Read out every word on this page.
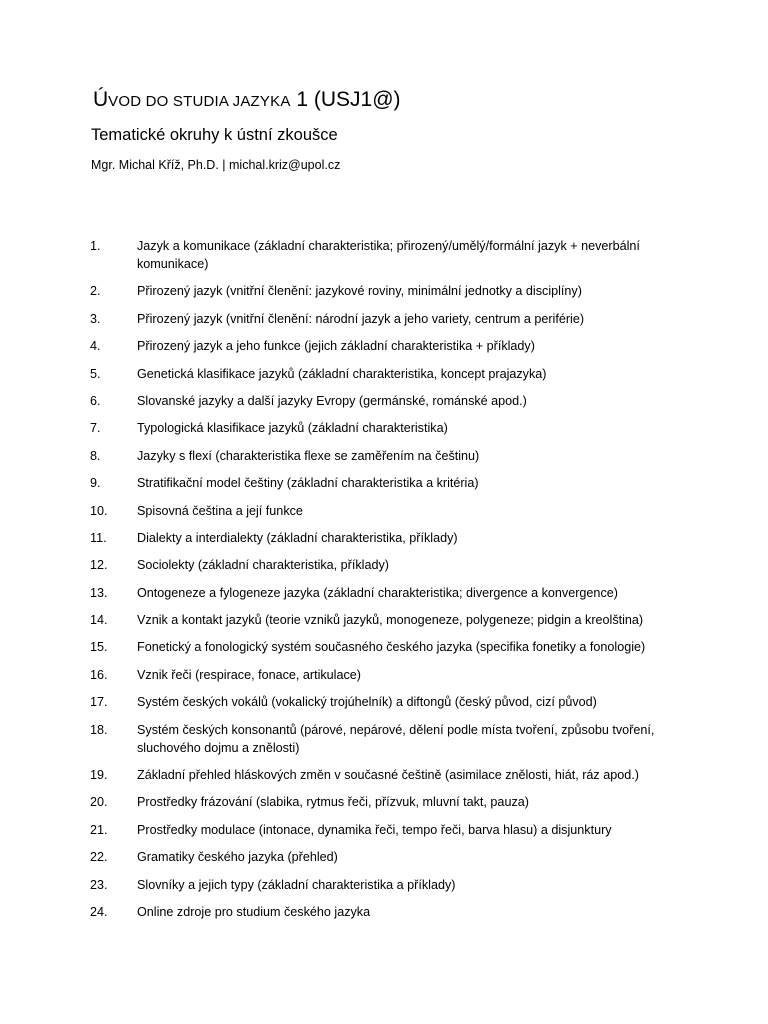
ÚVOD DO STUDIA JAZYKA 1 (USJ1@)
Tematické okruhy k ústní zkoušce
Mgr. Michal Kříž, Ph.D. | michal.kriz@upol.cz
1.	Jazyk a komunikace (základní charakteristika; přirozený/umělý/formální jazyk + neverbální komunikace)
2.	Přirozený jazyk (vnitřní členění: jazykové roviny, minimální jednotky a disciplíny)
3.	Přirozený jazyk (vnitřní členění: národní jazyk a jeho variety, centrum a periférie)
4.	Přirozený jazyk a jeho funkce (jejich základní charakteristika + příklady)
5.	Genetická klasifikace jazyků (základní charakteristika, koncept prajazyka)
6.	Slovanské jazyky a další jazyky Evropy (germánské, románské apod.)
7.	Typologická klasifikace jazyků (základní charakteristika)
8.	Jazyky s flexí (charakteristika flexe se zaměřením na češtinu)
9.	Stratifikační model češtiny (základní charakteristika a kritéria)
10.	Spisovná čeština a její funkce
11.	Dialekty a interdialekty (základní charakteristika, příklady)
12.	Sociolekty (základní charakteristika, příklady)
13.	Ontogeneze a fylogeneze jazyka (základní charakteristika; divergence a konvergence)
14.	Vznik a kontakt jazyků (teorie vzniků jazyků, monogeneze, polygeneze; pidgin a kreolština)
15.	Fonetický a fonologický systém současného českého jazyka (specifika fonetiky a fonologie)
16.	Vznik řeči (respirace, fonace, artikulace)
17.	Systém českých vokálů (vokalický trojúhelník) a diftongů (český původ, cizí původ)
18.	Systém českých konsonantů (párové, nepárové, dělení podle místa tvoření, způsobu tvoření, sluchového dojmu a znělosti)
19.	Základní přehled hláskových změn v současné češtině (asimilace znělosti, hiát, ráz apod.)
20.	Prostředky frázování (slabika, rytmus řeči, přízvuk, mluvní takt, pauza)
21.	Prostředky modulace (intonace, dynamika řeči, tempo řeči, barva hlasu) a disjunktury
22.	Gramatiky českého jazyka (přehled)
23.	Slovníky a jejich typy (základní charakteristika a příklady)
24.	Online zdroje pro studium českého jazyka
